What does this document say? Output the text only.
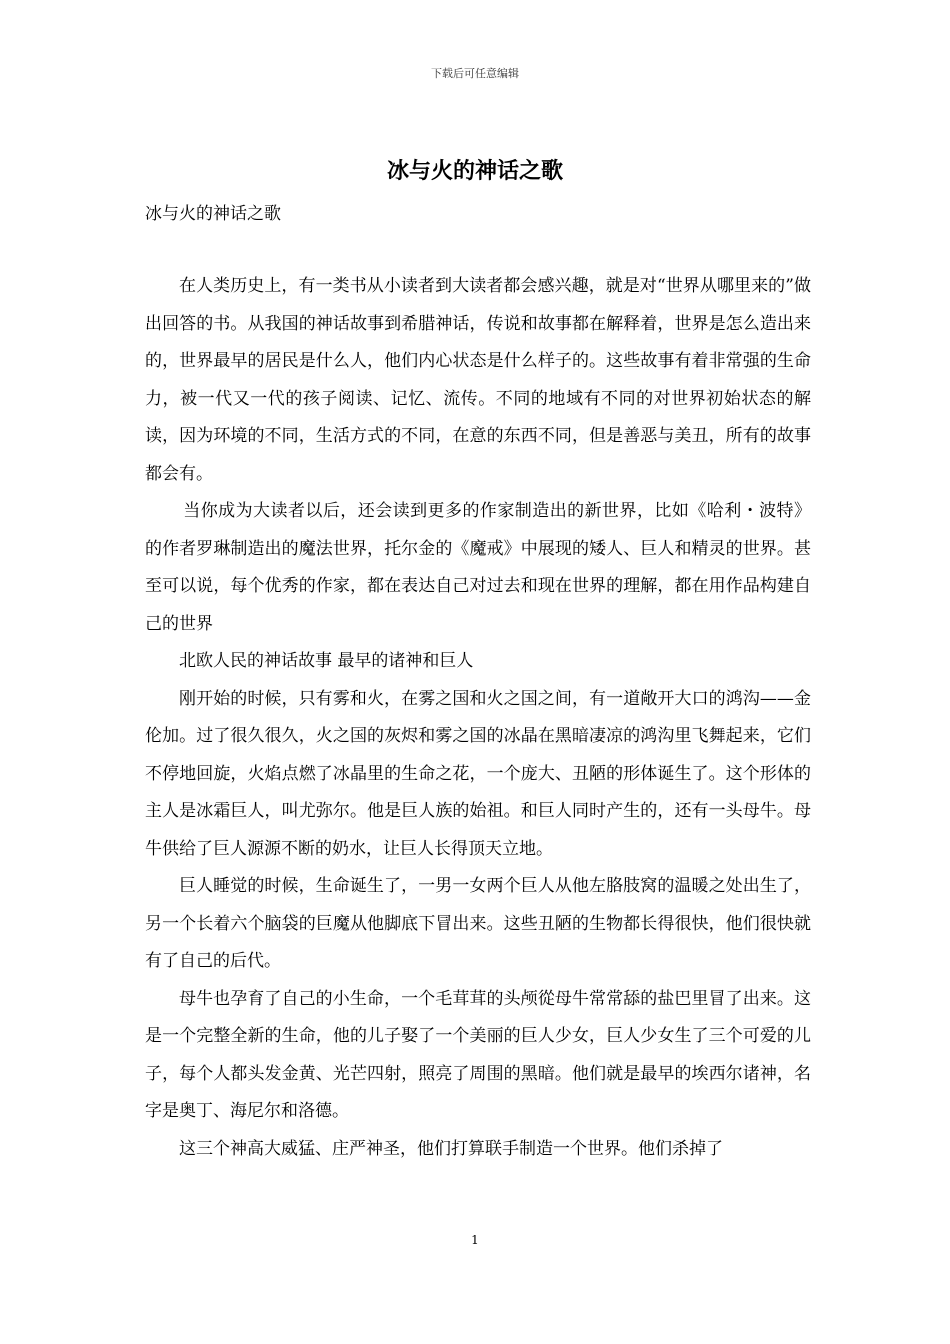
下载后可任意编辑
冰与火的神话之歌
冰与火的神话之歌

在人类历史上，有一类书从小读者到大读者都会感兴趣，就是对“世界从哪里来的”做出回答的书。从我国的神话故事到希腊神话，传说和故事都在解释着，世界是怎么造出来的，世界最早的居民是什么人，他们内心状态是什么样子的。这些故事有着非常强的生命力，被一代又一代的孩子阅读、记忆、流传。不同的地域有不同的对世界初始状态的解读，因为环境的不同，生活方式的不同，在意的东西不同，但是善恶与美丑，所有的故事都会有。

当你成为大读者以后，还会读到更多的作家制造出的新世界，比如《哈利・波特》的作者罗琳制造出的魔法世界，托尔金的《魔戒》中展现的矮人、巨人和精灵的世界。甚至可以说，每个优秀的作家，都在表达自己对过去和现在世界的理解，都在用作品构建自己的世界

北欧人民的神话故事 最早的诸神和巨人

刚开始的时候，只有雾和火，在雾之国和火之国之间，有一道敞开大口的鸿沟——金伦加。过了很久很久，火之国的灰烬和雾之国的冰晶在黑暗凄凉的鸿沟里飞舞起来，它们不停地回旋，火焰点燃了冰晶里的生命之花，一个庞大、丑陋的形体诞生了。这个形体的主人是冰霜巨人，叫尤弥尔。他是巨人族的始祖。和巨人同时产生的，还有一头母牛。母牛供给了巨人源源不断的奶水，让巨人长得顶天立地。

巨人睡觉的时候，生命诞生了，一男一女两个巨人从他左胳肢窝的温暖之处出生了，另一个长着六个脑袋的巨魔从他脚底下冒出来。这些丑陋的生物都长得很快，他们很快就有了自己的后代。

母牛也孕育了自己的小生命，一个毛茸茸的头颅從母牛常常舔的盐巴里冒了出来。这是一个完整全新的生命，他的儿子娶了一个美丽的巨人少女，巨人少女生了三个可爱的儿子，每个人都头发金黄、光芒四射，照亮了周围的黑暗。他们就是最早的埃西尔诸神，名字是奥丁、海尼尔和洛德。

这三个神高大威猛、庄严神圣，他们打算联手制造一个世界。他们杀掉了

1
